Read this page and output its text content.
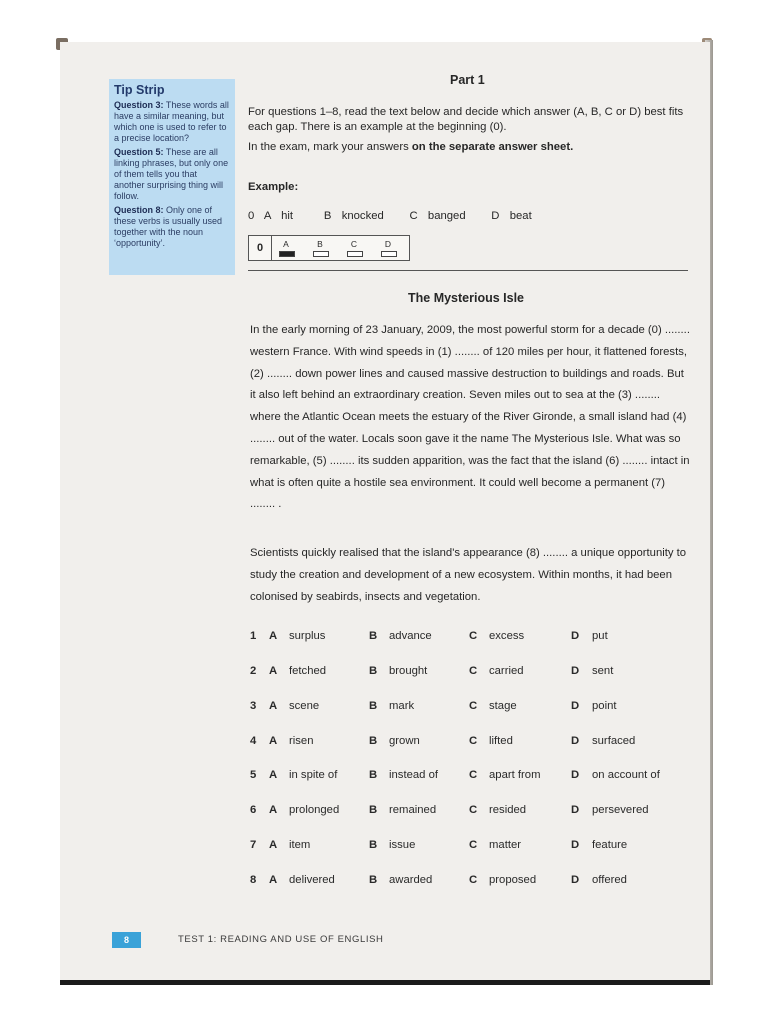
Tip Strip

Question 3: These words all have a similar meaning, but which one is used to refer to a precise location?

Question 5: These are all linking phrases, but only one of them tells you that another surprising thing will follow.

Question 8: Only one of these verbs is usually used together with the noun ‘opportunity’.

Part 1
For questions 1–8, read the text below and decide which answer (A, B, C or D) best fits each gap. There is an example at the beginning (0).
In the exam, mark your answers on the separate answer sheet.
Example:
0  A  hit      B  knocked     C  banged     D  beat
0	A	B	C	D
The Mysterious Isle

In the early morning of 23 January, 2009, the most powerful storm for a decade (0) ........ western France. With wind speeds in (1) ........ of 120 miles per hour, it flattened forests, (2) ........ down power lines and caused massive destruction to buildings and roads. But it also left behind an extraordinary creation. Seven miles out to sea at the (3) ........ where the Atlantic Ocean meets the estuary of the River Gironde, a small island had (4) ........ out of the water. Locals soon gave it the name The Mysterious Isle. What was so remarkable, (5) ........ its sudden apparition, was the fact that the island (6) ........ intact in what is often quite a hostile sea environment. It could well become a permanent (7) ........ .

Scientists quickly realised that the island's appearance (8) ........ a unique opportunity to study the creation and development of a new ecosystem. Within months, it had been colonised by seabirds, insects and vegetation.

1 A surplus	B advance	C excess	D put
2 A fetched	B brought	C carried	D sent
3 A scene	B mark	C stage	D point
4 A risen	B grown	C lifted	D surfaced
5 A in spite of	B instead of	C apart from	D on account of
6 A prolonged	B remained	C resided	D persevered
7 A item	B issue	C matter	D feature
8 A delivered	B awarded	C proposed	D offered
8	TEST 1: READING AND USE OF ENGLISH
